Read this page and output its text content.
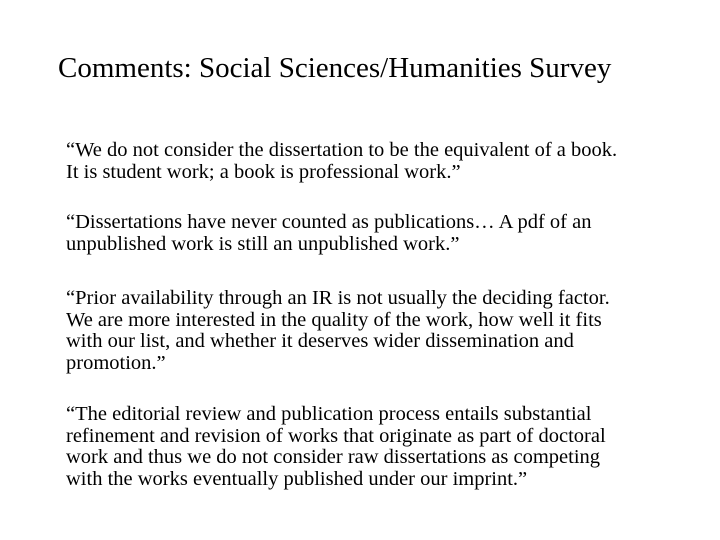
Comments: Social Sciences/Humanities Survey
“We do not consider the dissertation to be the equivalent of a book.
It is student work; a book is professional work.”
“Dissertations have never counted as publications… A pdf of an
unpublished work is still an unpublished work.”
“Prior availability through an IR is not usually the deciding factor.
We are more interested in the quality of the work, how well it fits
with our list, and whether it deserves wider dissemination and
promotion.”
“The editorial review and publication process entails substantial
refinement and revision of works that originate as part of doctoral
work and thus we do not consider raw dissertations as competing
with the works eventually published under our imprint.”
